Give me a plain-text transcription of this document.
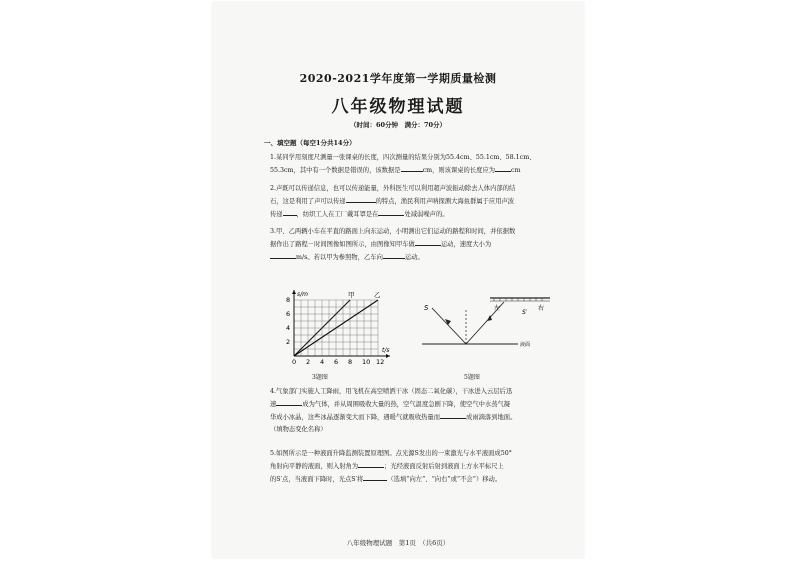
2020-2021学年度第一学期质量检测
八年级物理试题
（时间：60分钟　满分：70分）
一、填空题（每空1分共14分）
1.某同学用刻度尺测量一张课桌的长度，四次测量的结果分别为55.4cm、55.1cm、58.1cm、
55.3cm，其中有一个数据是错误的，该数据是	cm，则该课桌的长度应为	cm
2.声既可以传递信息，也可以传递能量，外科医生可以利用超声波振动除去人体内部的结
石，这是利用了声可以传递	的特点，渔民利用声呐探测大海鱼群属于应用声波
传递 ，纺织工人在工厂戴耳罩是在	处减弱噪声的。
3.甲、乙两辆小车在平直的路面上向东运动，小明测出它们运动的路程和时间，并依据数
据作出了路程－时间图像如图所示，由图像知甲车做	运动，速度大小为
m/s。若以甲为参照物，乙车向	运动。
0 2 4 6 8 10 12
2
4
6
8
t/s
s/m	甲	乙
3题图
S
S′
左	右
液面
5题图
4.气象部门实施人工降雨，用飞机在高空喷洒干冰（固态二氧化碳），干冰进入云层后迅
速	成为气体，并从周围吸收大量的热，空气温度急剧下降，使空气中水蒸气凝
华成小冰晶，这些冰晶逐渐变大而下降，遇暖气就吸收热量而	成雨滴落到地面。
（填物态变化名称）
5.如图所示是一种液面升降监测装置原理图。点光源S发出的一束激光与水平液面成50°
角射向平静的液面，则入射角为	；光经液面反射后射到液面上方水平标尺上
的S′点，当液面下降时，光点S′将	（选填“向左”、“向右”或“不会”）移动。
八年级物理试题　第1页　（共6页）
